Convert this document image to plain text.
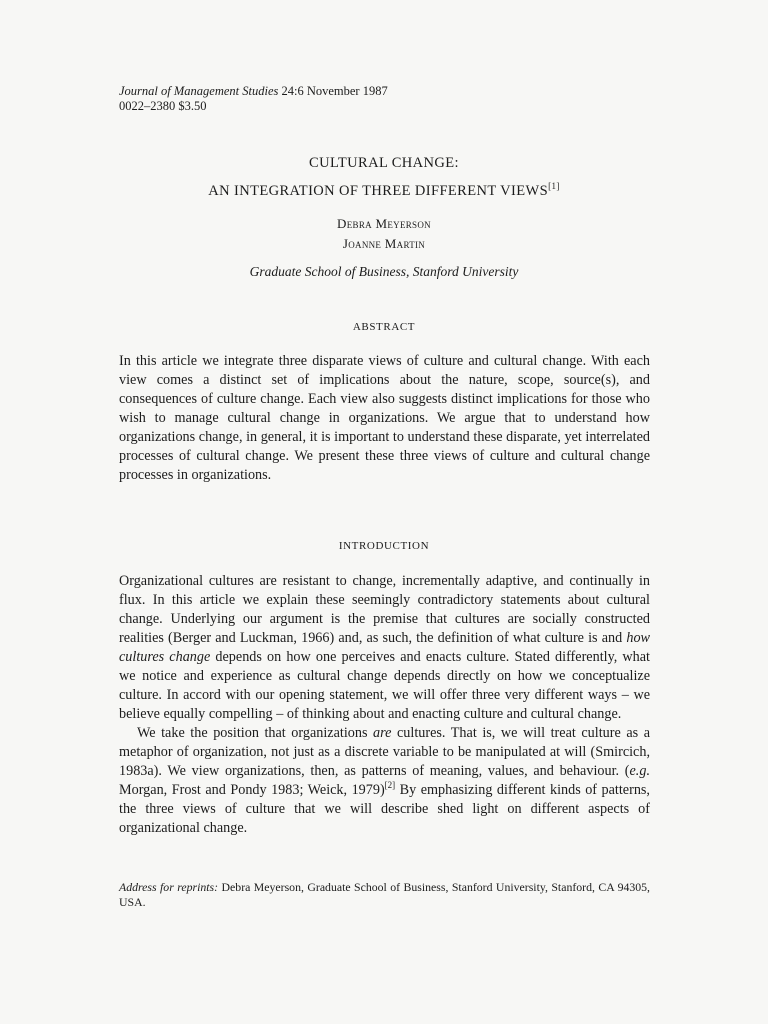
Journal of Management Studies 24:6 November 1987
0022–2380 $3.50
CULTURAL CHANGE:
AN INTEGRATION OF THREE DIFFERENT VIEWS[1]
Debra Meyerson
Joanne Martin
Graduate School of Business, Stanford University
ABSTRACT

In this article we integrate three disparate views of culture and cultural change. With each view comes a distinct set of implications about the nature, scope, source(s), and consequences of culture change. Each view also suggests distinct implications for those who wish to manage cultural change in organizations. We argue that to understand how organizations change, in general, it is important to understand these disparate, yet interrelated processes of cultural change. We present these three views of culture and cultural change processes in organizations.

INTRODUCTION

Organizational cultures are resistant to change, incrementally adaptive, and continually in flux. In this article we explain these seemingly contradictory statements about cultural change. Underlying our argument is the premise that cultures are socially constructed realities (Berger and Luckman, 1966) and, as such, the definition of what culture is and how cultures change depends on how one perceives and enacts culture. Stated differently, what we notice and experience as cultural change depends directly on how we conceptualize culture. In accord with our opening statement, we will offer three very different ways – we believe equally compelling – of thinking about and enacting culture and cultural change.

We take the position that organizations are cultures. That is, we will treat culture as a metaphor of organization, not just as a discrete variable to be manipulated at will (Smircich, 1983a). We view organizations, then, as patterns of meaning, values, and behaviour. (e.g. Morgan, Frost and Pondy 1983; Weick, 1979)[2] By emphasizing different kinds of patterns, the three views of culture that we will describe shed light on different aspects of organizational change.

Address for reprints: Debra Meyerson, Graduate School of Business, Stanford University, Stanford, CA 94305, USA.
